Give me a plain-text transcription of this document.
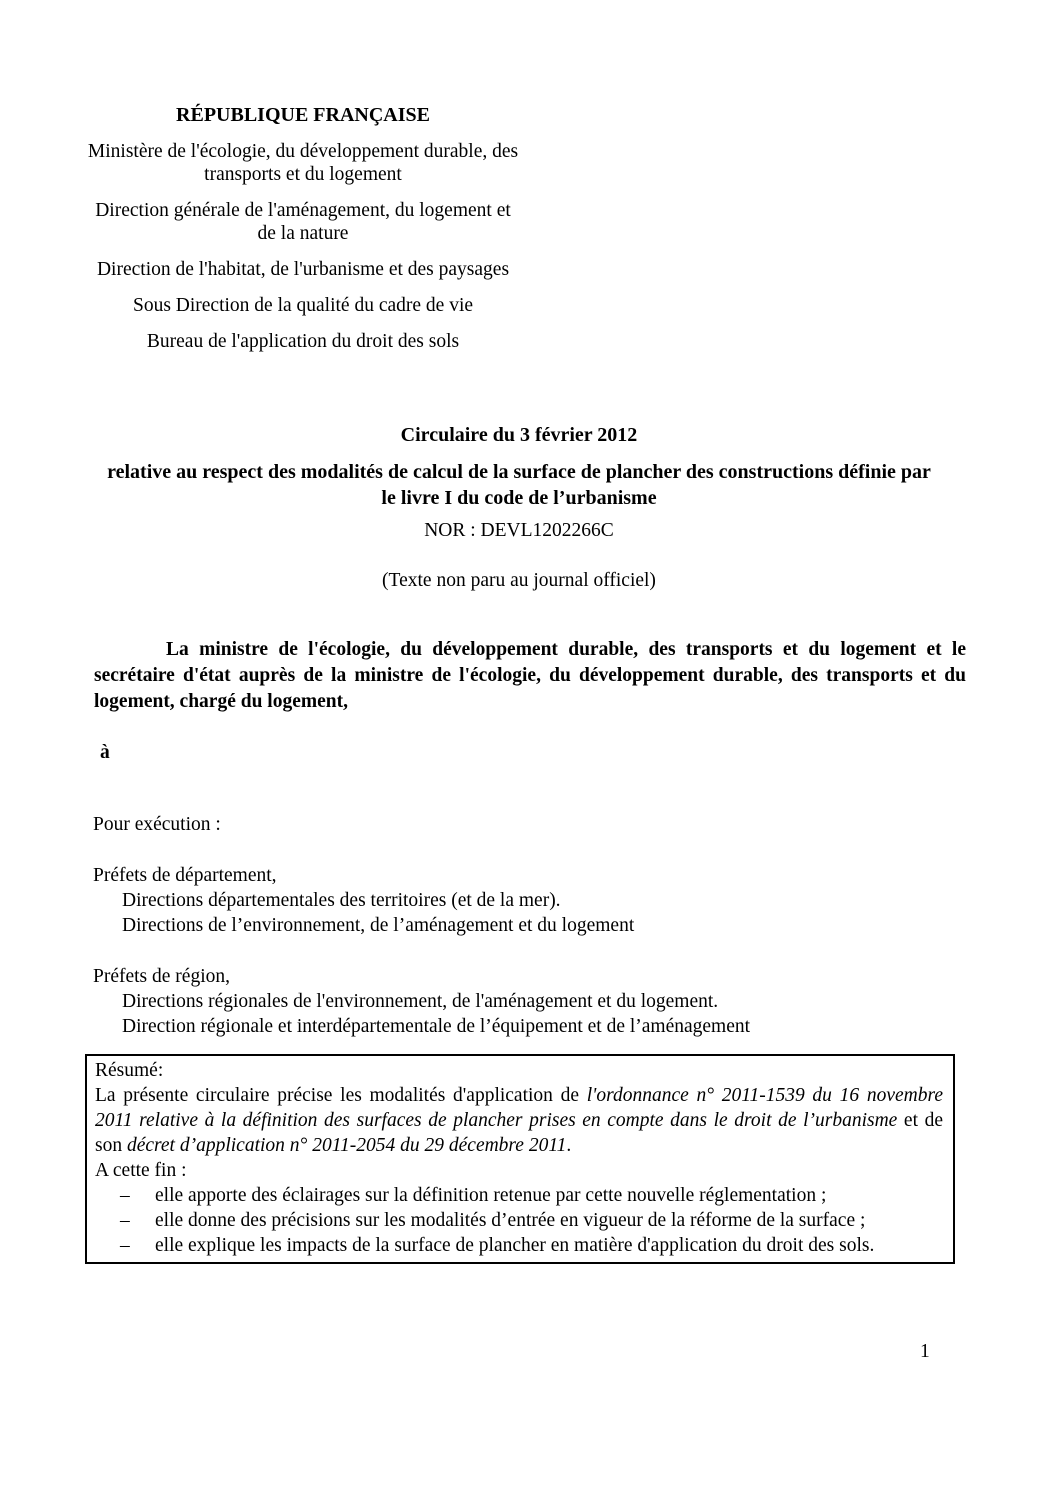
RÉPUBLIQUE FRANÇAISE

Ministère de l'écologie, du développement durable, des transports et du logement

Direction générale de l'aménagement, du logement et de la nature

Direction de l'habitat, de l'urbanisme et des paysages

Sous Direction de la qualité du cadre de vie

Bureau de l'application du droit des sols

Circulaire du 3 février 2012

relative au respect des modalités de calcul de la surface de plancher des constructions définie par le livre I du code de l’urbanisme

NOR : DEVL1202266C

(Texte non paru au journal officiel)

La ministre de l'écologie, du développement durable, des transports et du logement et le secrétaire d'état auprès de la ministre de l'écologie, du développement durable, des transports et du logement, chargé du logement,

à

Pour exécution :

Préfets de département,

Directions départementales des territoires (et de la mer).
Directions de l’environnement, de l’aménagement et du logement

Préfets de région,

Directions régionales de l'environnement, de l'aménagement et du logement.
Direction régionale et interdépartementale de l’équipement et de l’aménagement

Résumé:

La présente circulaire précise les modalités d'application de l'ordonnance n° 2011-1539 du 16 novembre 2011 relative à la définition des surfaces de plancher prises en compte dans le droit de l’urbanisme et de son décret d’application n° 2011-2054 du 29 décembre 2011.

A cette fin :

– elle apporte des éclairages sur la définition retenue par cette nouvelle réglementation ;
– elle donne des précisions sur les modalités d’entrée en vigueur de la réforme de la surface ;
– elle explique les impacts de la surface de plancher en matière d'application du droit des sols.
1
